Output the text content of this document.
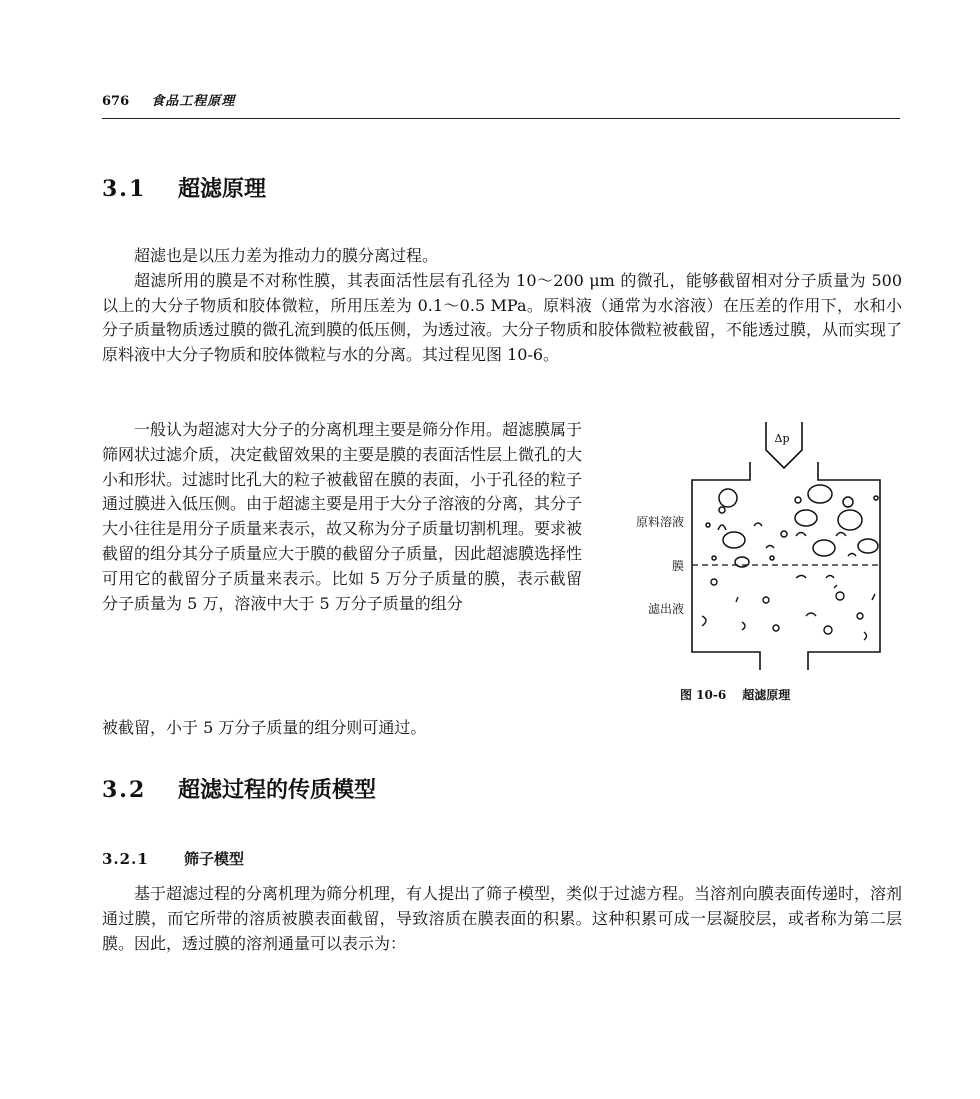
676 食品工程原理
3.1 超滤原理

超滤也是以压力差为推动力的膜分离过程。

超滤所用的膜是不对称性膜，其表面活性层有孔径为 10～200 μm 的微孔，能够截留相对分子质量为 500 以上的大分子物质和胶体微粒，所用压差为 0.1～0.5 MPa。原料液（通常为水溶液）在压差的作用下，水和小分子质量物质透过膜的微孔流到膜的低压侧，为透过液。大分子物质和胶体微粒被截留，不能透过膜，从而实现了原料液中大分子物质和胶体微粒与水的分离。其过程见图 10-6。

一般认为超滤对大分子的分离机理主要是筛分作用。超滤膜属于筛网状过滤介质，决定截留效果的主要是膜的表面活性层上微孔的大小和形状。过滤时比孔大的粒子被截留在膜的表面，小于孔径的粒子通过膜进入低压侧。由于超滤主要是用于大分子溶液的分离，其分子大小往往是用分子质量来表示，故又称为分子质量切割机理。要求被截留的组分其分子质量应大于膜的截留分子质量，因此超滤膜选择性可用它的截留分子质量来表示。比如 5 万分子质量的膜，表示截留分子质量为 5 万，溶液中大于 5 万分子质量的组分

被截留，小于 5 万分子质量的组分则可通过。
Δp
原料溶液
膜
滤出液
图 10-6 超滤原理
3.2 超滤过程的传质模型
3.2.1 筛子模型

基于超滤过程的分离机理为筛分机理，有人提出了筛子模型，类似于过滤方程。当溶剂向膜表面传递时，溶剂通过膜，而它所带的溶质被膜表面截留，导致溶质在膜表面的积累。这种积累可成一层凝胶层，或者称为第二层膜。因此，透过膜的溶剂通量可以表示为：
